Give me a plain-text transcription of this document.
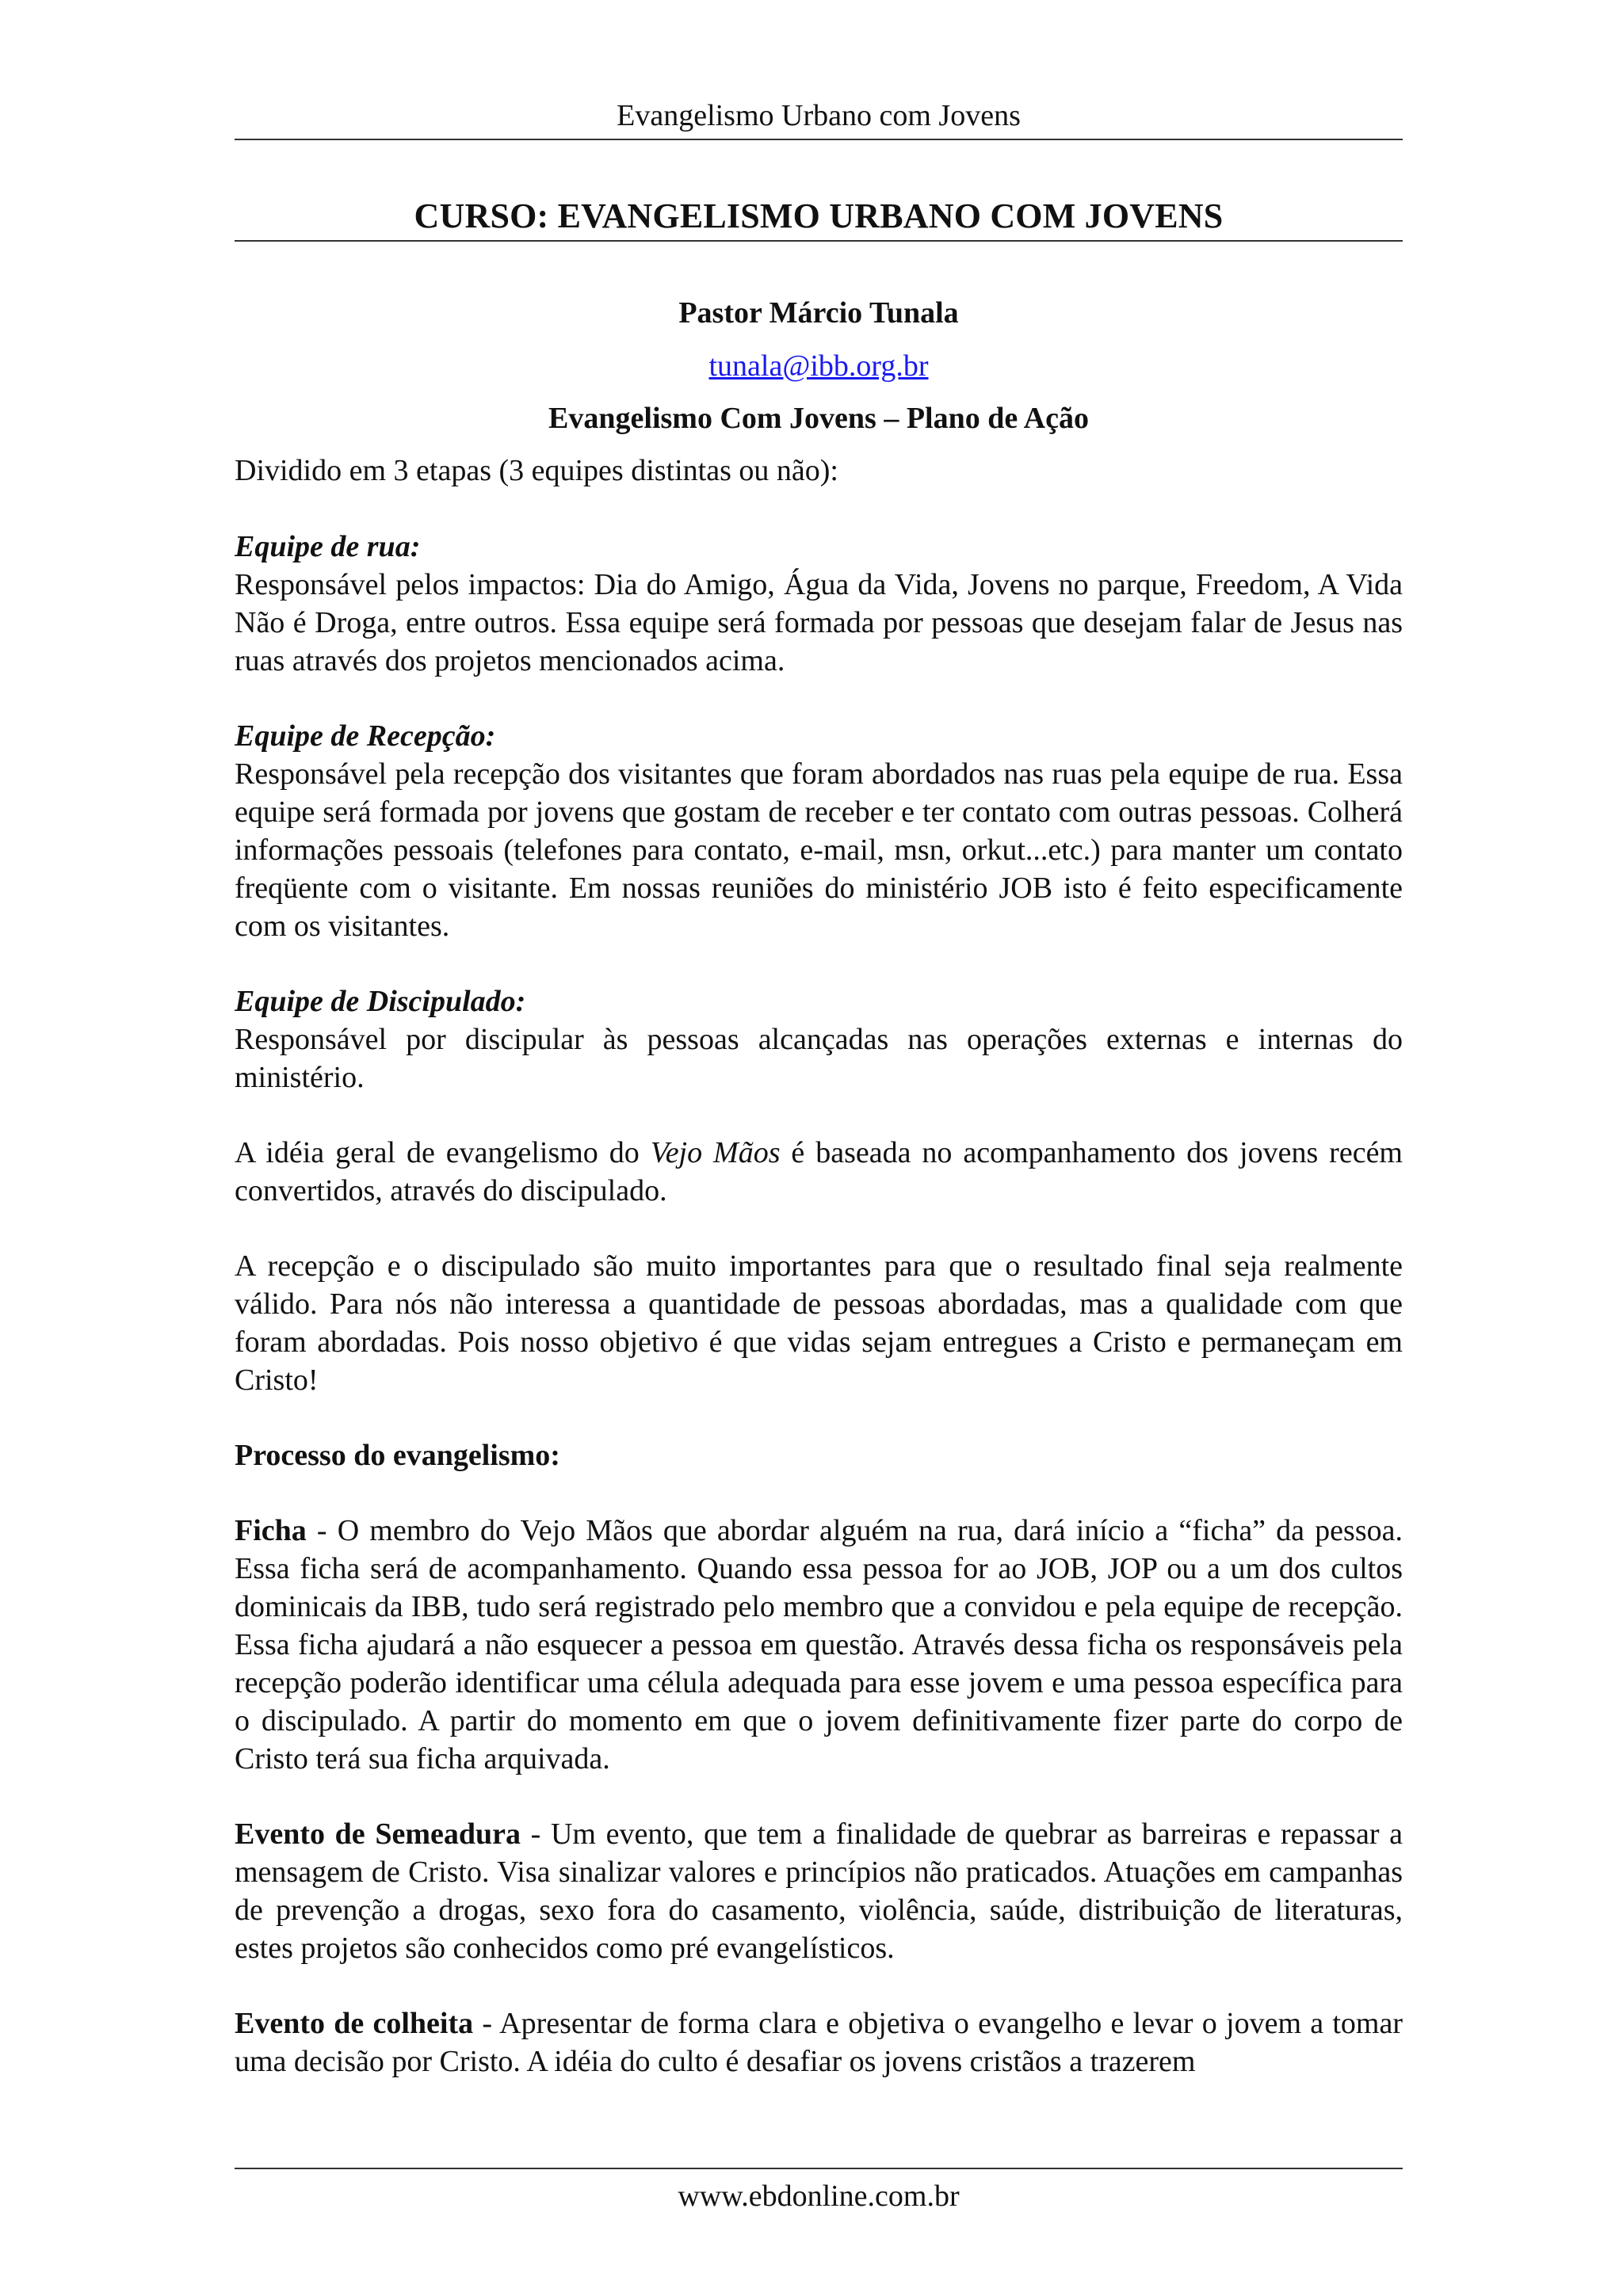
Evangelismo Urbano com Jovens
CURSO: EVANGELISMO URBANO COM JOVENS
Pastor Márcio Tunala
tunala@ibb.org.br
Evangelismo Com Jovens – Plano de Ação

Dividido em 3 etapas (3 equipes distintas ou não):

Equipe de rua:
Responsável pelos impactos: Dia do Amigo, Água da Vida, Jovens no parque, Freedom, A Vida Não é Droga, entre outros. Essa equipe será formada por pessoas que desejam falar de Jesus nas ruas através dos projetos mencionados acima.

Equipe de Recepção:
Responsável pela recepção dos visitantes que foram abordados nas ruas pela equipe de rua. Essa equipe será formada por jovens que gostam de receber e ter contato com outras pessoas. Colherá informações pessoais (telefones para contato, e-mail, msn, orkut...etc.) para manter um contato freqüente com o visitante. Em nossas reuniões do ministério JOB isto é feito especificamente com os visitantes.

Equipe de Discipulado:
Responsável por discipular às pessoas alcançadas nas operações externas e internas do ministério.

A idéia geral de evangelismo do Vejo Mãos é baseada no acompanhamento dos jovens recém convertidos, através do discipulado.

A recepção e o discipulado são muito importantes para que o resultado final seja realmente válido. Para nós não interessa a quantidade de pessoas abordadas, mas a qualidade com que foram abordadas. Pois nosso objetivo é que vidas sejam entregues a Cristo e permaneçam em Cristo!

Processo do evangelismo:

Ficha - O membro do Vejo Mãos que abordar alguém na rua, dará início a “ficha” da pessoa. Essa ficha será de acompanhamento. Quando essa pessoa for ao JOB, JOP ou a um dos cultos dominicais da IBB, tudo será registrado pelo membro que a convidou e pela equipe de recepção. Essa ficha ajudará a não esquecer a pessoa em questão. Através dessa ficha os responsáveis pela recepção poderão identificar uma célula adequada para esse jovem e uma pessoa específica para o discipulado. A partir do momento em que o jovem definitivamente fizer parte do corpo de Cristo terá sua ficha arquivada.

Evento de Semeadura - Um evento, que tem a finalidade de quebrar as barreiras e repassar a mensagem de Cristo. Visa sinalizar valores e princípios não praticados. Atuações em campanhas de prevenção a drogas, sexo fora do casamento, violência, saúde, distribuição de literaturas, estes projetos são conhecidos como pré evangelísticos.

Evento de colheita - Apresentar de forma clara e objetiva o evangelho e levar o jovem a tomar uma decisão por Cristo. A idéia do culto é desafiar os jovens cristãos a trazerem

www.ebdonline.com.br
